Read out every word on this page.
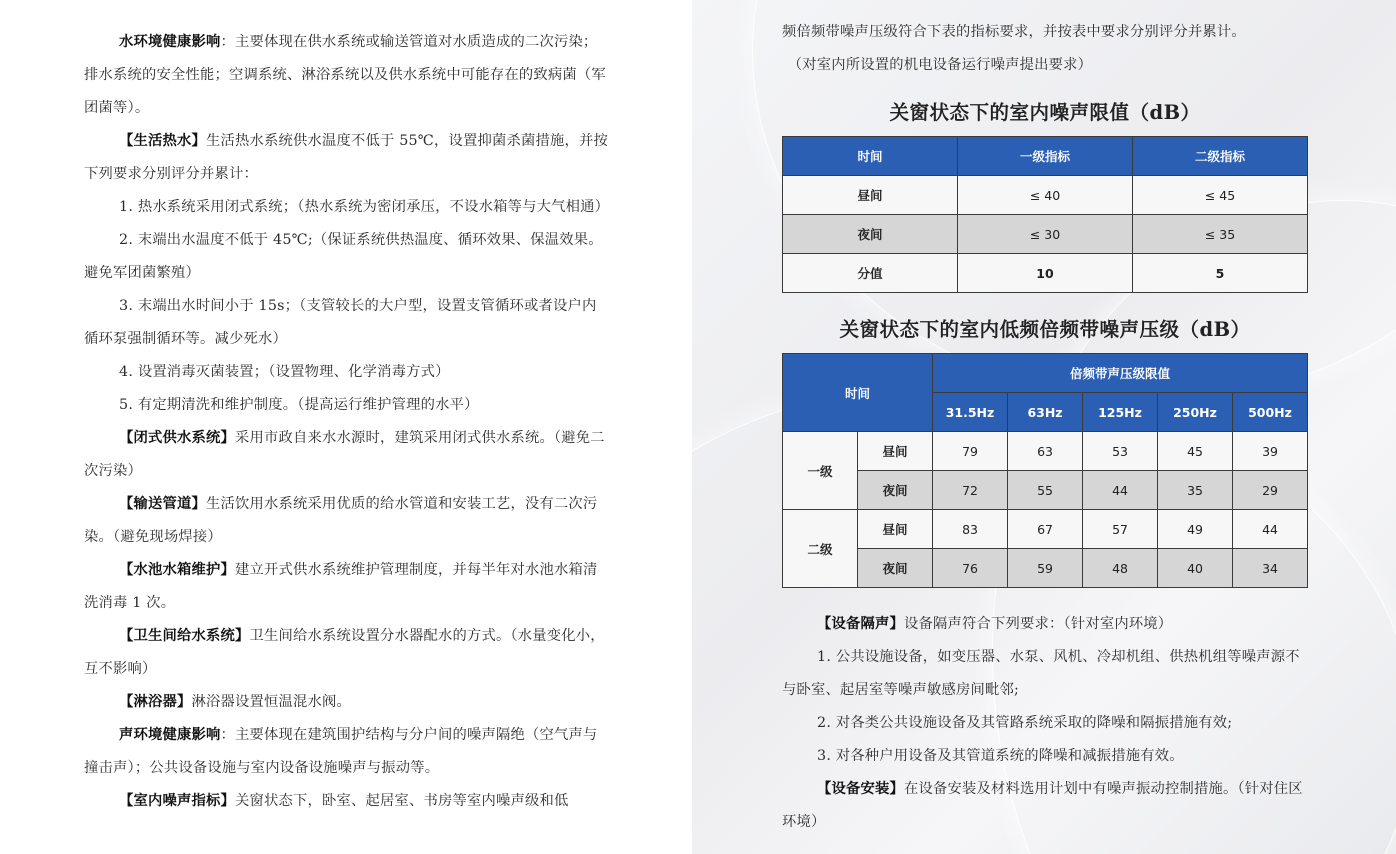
水环境健康影响：主要体现在供水系统或输送管道对水质造成的二次污染；排水系统的安全性能；空调系统、淋浴系统以及供水系统中可能存在的致病菌（军团菌等）。

【生活热水】生活热水系统供水温度不低于 55℃，设置抑菌杀菌措施，并按下列要求分别评分并累计：

1. 热水系统采用闭式系统；（热水系统为密闭承压，不设水箱等与大气相通）

2. 末端出水温度不低于 45℃;（保证系统供热温度、循环效果、保温效果。避免军团菌繁殖）

3. 末端出水时间小于 15s；（支管较长的大户型，设置支管循环或者设户内循环泵强制循环等。减少死水）

4. 设置消毒灭菌装置；（设置物理、化学消毒方式）

5. 有定期清洗和维护制度。（提高运行维护管理的水平）

【闭式供水系统】采用市政自来水水源时，建筑采用闭式供水系统。（避免二次污染）

【输送管道】生活饮用水系统采用优质的给水管道和安装工艺，没有二次污染。（避免现场焊接）

【水池水箱维护】建立开式供水系统维护管理制度，并每半年对水池水箱清洗消毒 1 次。

【卫生间给水系统】卫生间给水系统设置分水器配水的方式。（水量变化小，互不影响）

【淋浴器】淋浴器设置恒温混水阀。

声环境健康影响：主要体现在建筑围护结构与分户间的噪声隔绝（空气声与撞击声）；公共设备设施与室内设备设施噪声与振动等。

【室内噪声指标】关窗状态下，卧室、起居室、书房等室内噪声级和低

频倍频带噪声压级符合下表的指标要求，并按表中要求分别评分并累计。

（对室内所设置的机电设备运行噪声提出要求）

关窗状态下的室内噪声限值（dB）
时间	一级指标	二级指标
昼间	≤ 40	≤ 45
夜间	≤ 30	≤ 35
分值	10	5
关窗状态下的室内低频倍频带噪声压级（dB）
时间		倍频带声压级限值				
		31.5Hz	63Hz	125Hz	250Hz	500Hz
一级	昼间	79	63	53	45	39
	夜间	72	55	44	35	29
二级	昼间	83	67	57	49	44
	夜间	76	59	48	40	34

【设备隔声】设备隔声符合下列要求：（针对室内环境）

1. 公共设施设备，如变压器、水泵、风机、冷却机组、供热机组等噪声源不与卧室、起居室等噪声敏感房间毗邻;

2. 对各类公共设施设备及其管路系统采取的降噪和隔振措施有效;

3. 对各种户用设备及其管道系统的降噪和减振措施有效。

【设备安装】在设备安装及材料选用计划中有噪声振动控制措施。（针对住区环境）
